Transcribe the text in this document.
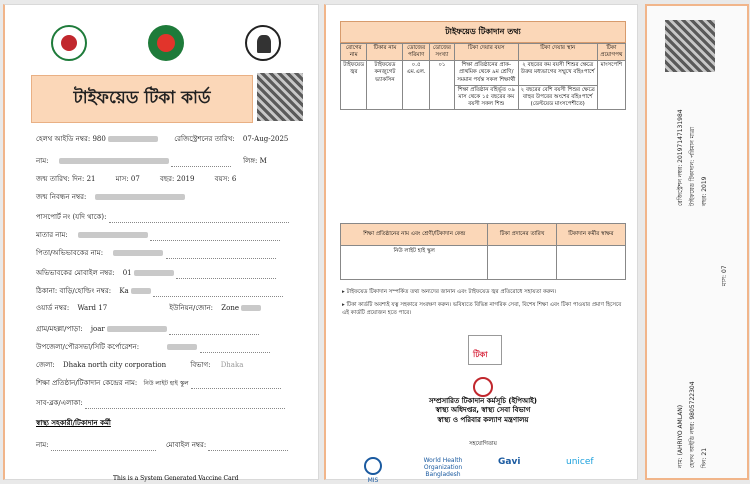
টাইফয়েড টিকা কার্ড
হেলথ আইডি নম্বর: 980	রেজিস্ট্রেশনের তারিখ: 07-Aug-2025
নাম:	লিঙ্গ: M
জন্ম তারিখ: দিন: 21	মাস: 07	বছর: 2019	বয়স: 6
জন্ম নিবন্ধন নম্বর:
পাসপোর্ট নং (যদি থাকে):
মাতার নাম:
পিতা/অভিভাবকের নাম:
অভিভাবকের মোবাইল নম্বর: 01
ঠিকানা: বাড়ি/হোল্ডিং নম্বর: Ka
ওয়ার্ড নম্বর: Ward 17	ইউনিয়ন/জোন: Zone
গ্রাম/মহল্লা/পাড়া: joar
উপজেলা/পৌরসভা/সিটি কর্পোরেশন:
জেলা: Dhaka north city corporation	বিভাগ: Dhaka
শিক্ষা প্রতিষ্ঠান/টিকাদান কেন্দ্রের নাম: নিউ লাইট হাই স্কুল
সাব-ব্লক/এলাকা:
স্বাস্থ্য সহকারী/টিকাদান কর্মী
নাম:	মোবাইল নম্বর:
This is a System Generated Vaccine Card
টাইফয়েড টিকাদান তথ্য
রোগের নাম	টিকার নাম	ডোজের পরিমাণ	ডোজের সংখ্যা	টিকা দেয়ার বয়স	টিকা দেয়ার স্থান	টিকা প্রয়োগপথ
টাইফয়েড জ্বর	টাইফয়েড কনজুগেট ভ্যাকসিন	০.৫ এম.এল.	০১	শিক্ষা প্রতিষ্ঠানের প্রাক-প্রাথমিক থেকে ৯ম শ্রেণি/সমমান পর্যন্ত সকল শিক্ষার্থী	২ বছরের কম বয়সী শিশুর ক্ষেত্রে উরুর মধ্যভাগের সম্মুখে বহিঃপার্শে	মাংসপেশি
				শিক্ষা প্রতিষ্ঠান বহির্ভূত ০৯ মাস থেকে ১৫ বছরের কম বয়সী সকল শিশু	২ বছরের বেশি বয়সী শিশুর ক্ষেত্রে বাহুর উপরের অংশের বহিঃপার্শে (ডেল্টয়েড মাংসপেশীতে)	
শিক্ষা প্রতিষ্ঠানের নাম এবং শ্রেণী/টিকাদান কেন্দ্র	টিকা প্রদানের তারিখ	টিকাদান কর্মীর স্বাক্ষর
নিউ লাইট হাই স্কুল		
▸ টাইফয়েড টিকাদান সম্পর্কিত তথ্য অন্যদের জানান এবং টাইফয়েড জ্বর প্রতিরোধে সহায়তা করুন।
▸ টিকা কার্ডটি অবশ্যই যত্ন সহকারে সংরক্ষণ করুন। ভবিষ্যতে বিভিন্ন নাগরিক সেবা, বিশেষ শিক্ষা এবং টিকা পাওয়ার প্রমাণ হিসেবে এই কার্ডটি প্রয়োজন হতে পারে।
টিকা
সম্প্রসারিত টিকাদান কর্মসূচি (ইপিআই)
স্বাস্থ্য অধিদপ্তর, স্বাস্থ্য সেবা বিভাগ
স্বাস্থ্য ও পরিবার কল্যাণ মন্ত্রণালয়
সহযোগিতায়
MIS
World Health Organization Bangladesh
Gavi	unicef
রেজিস্ট্রেশন নম্বর: 20197147131984 টাইফয়েড টিকাদান: পরিমান মাত্রা বছর: 2019
মাস: 07
নাম: (AHRIYO AMLAN) হেলথ আইডি নম্বর: 9805722304 দিন: 21
